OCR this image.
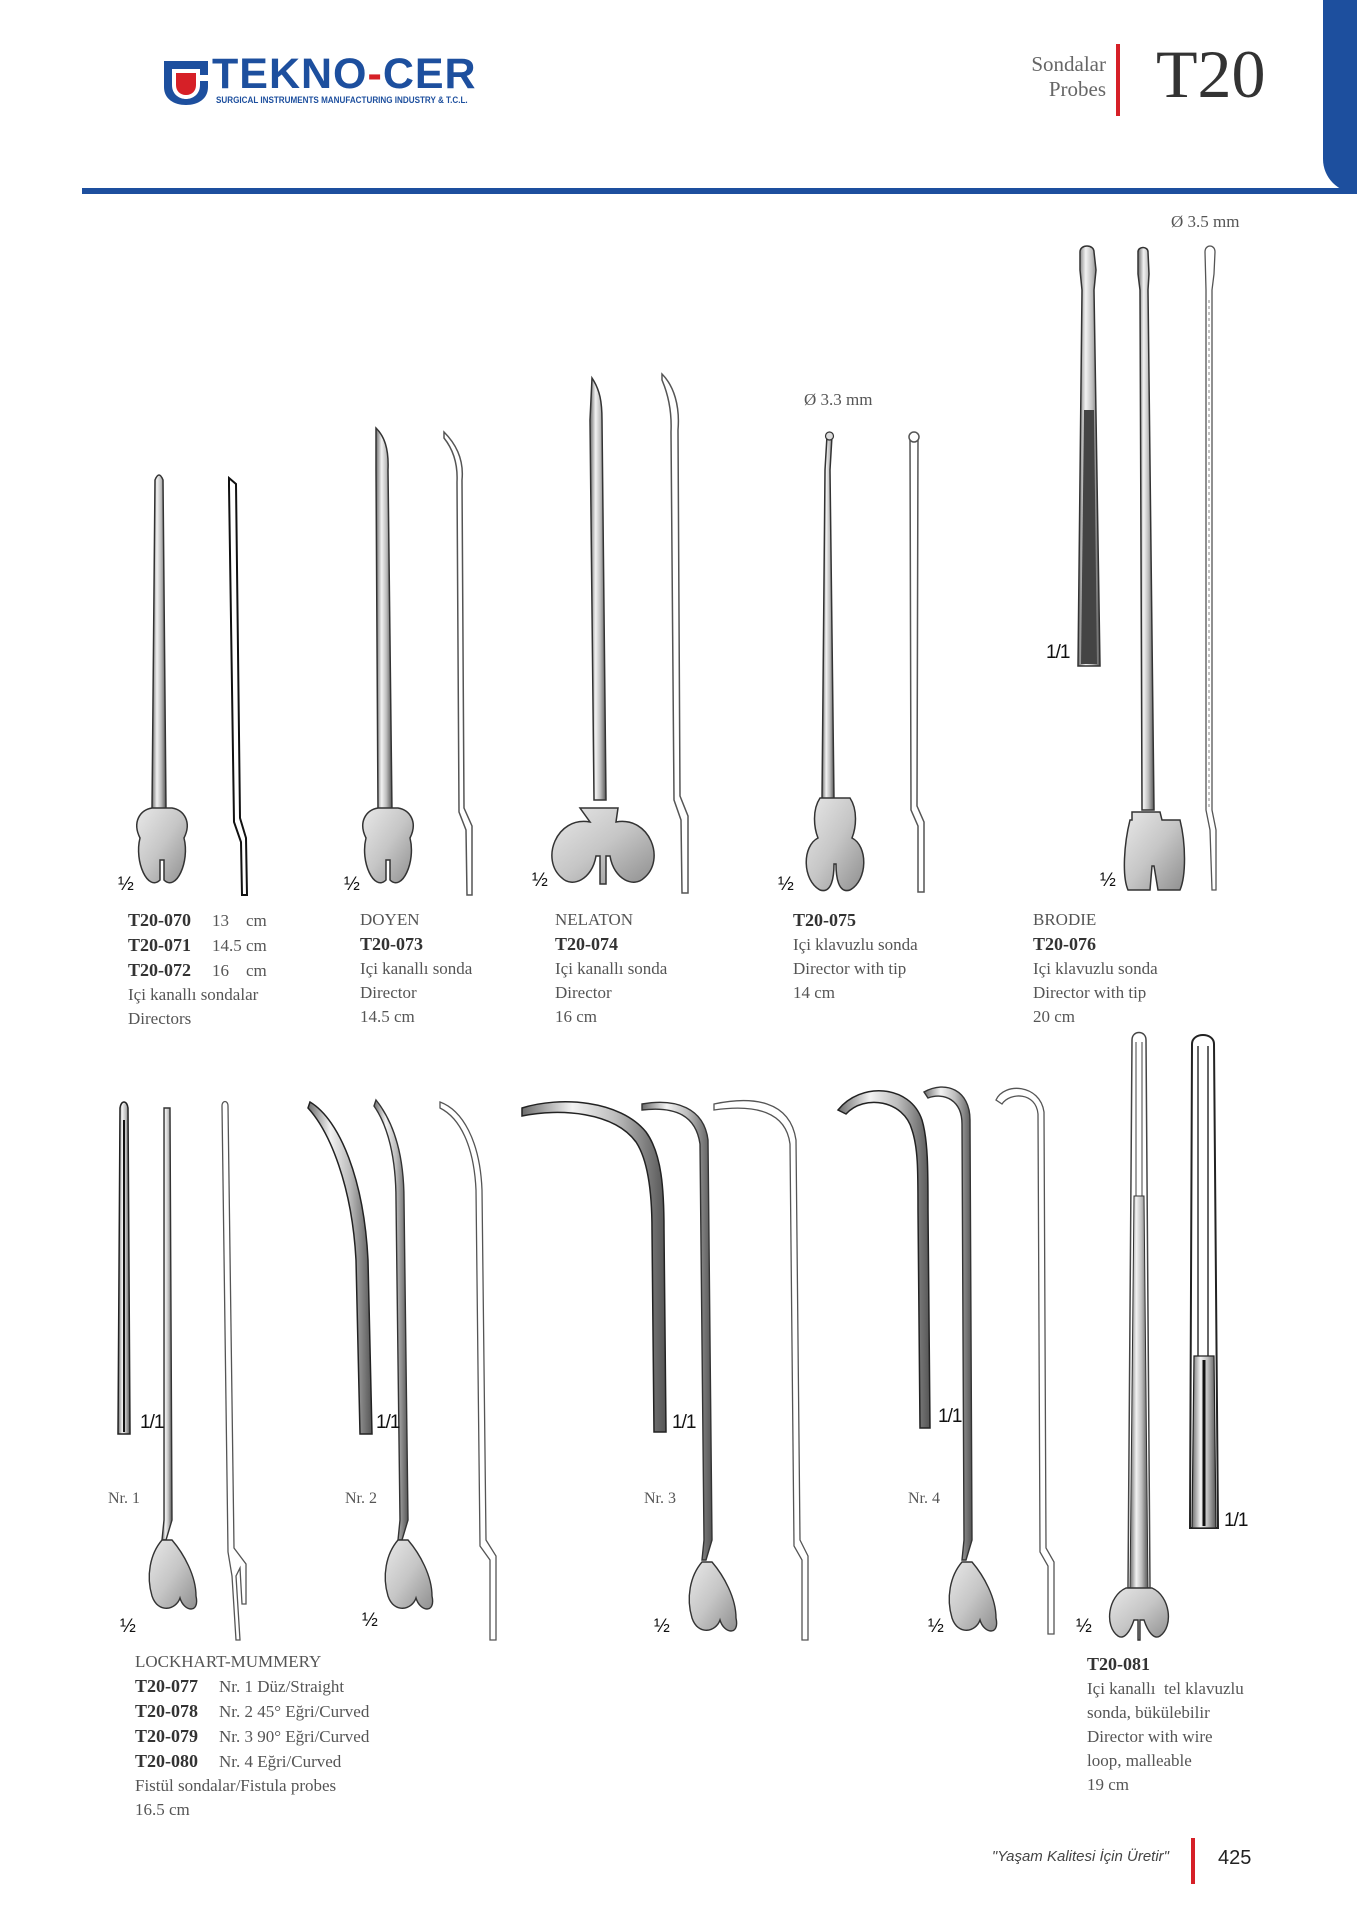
TEKNO-CER
SURGICAL INSTRUMENTS MANUFACTURING INDUSTRY & T.C.L.
Sondalar
Probes T20
Ø 3.5 mm
Ø 3.3 mm
½	½	½	½	½
1/1
1/1	1/1	1/1	1/1
1/1
½	½	½	½	½
Nr. 1	Nr. 2	Nr. 3	Nr. 4
T20-070 13    cm
T20-071 14.5 cm
T20-072 16    cm
Içi kanallı sondalar
Directors
DOYEN
T20-073
Içi kanallı sonda
Director
14.5 cm
NELATON
T20-074
Içi kanallı sonda
Director
16 cm
T20-075
Içi klavuzlu sonda
Director with tip
14 cm
BRODIE
T20-076
Içi klavuzlu sonda
Director with tip
20 cm
LOCKHART-MUMMERY
T20-077 Nr. 1 Düz/Straight
T20-078 Nr. 2 45° Eğri/Curved
T20-079 Nr. 3 90° Eğri/Curved
T20-080 Nr. 4 Eğri/Curved
Fistül sondalar/Fistula probes
16.5 cm
T20-081
Içi kanallı  tel klavuzlu
sonda, bükülebilir
Director with wire
loop, malleable
19 cm
"Yaşam Kalitesi İçin Üretir" 425
